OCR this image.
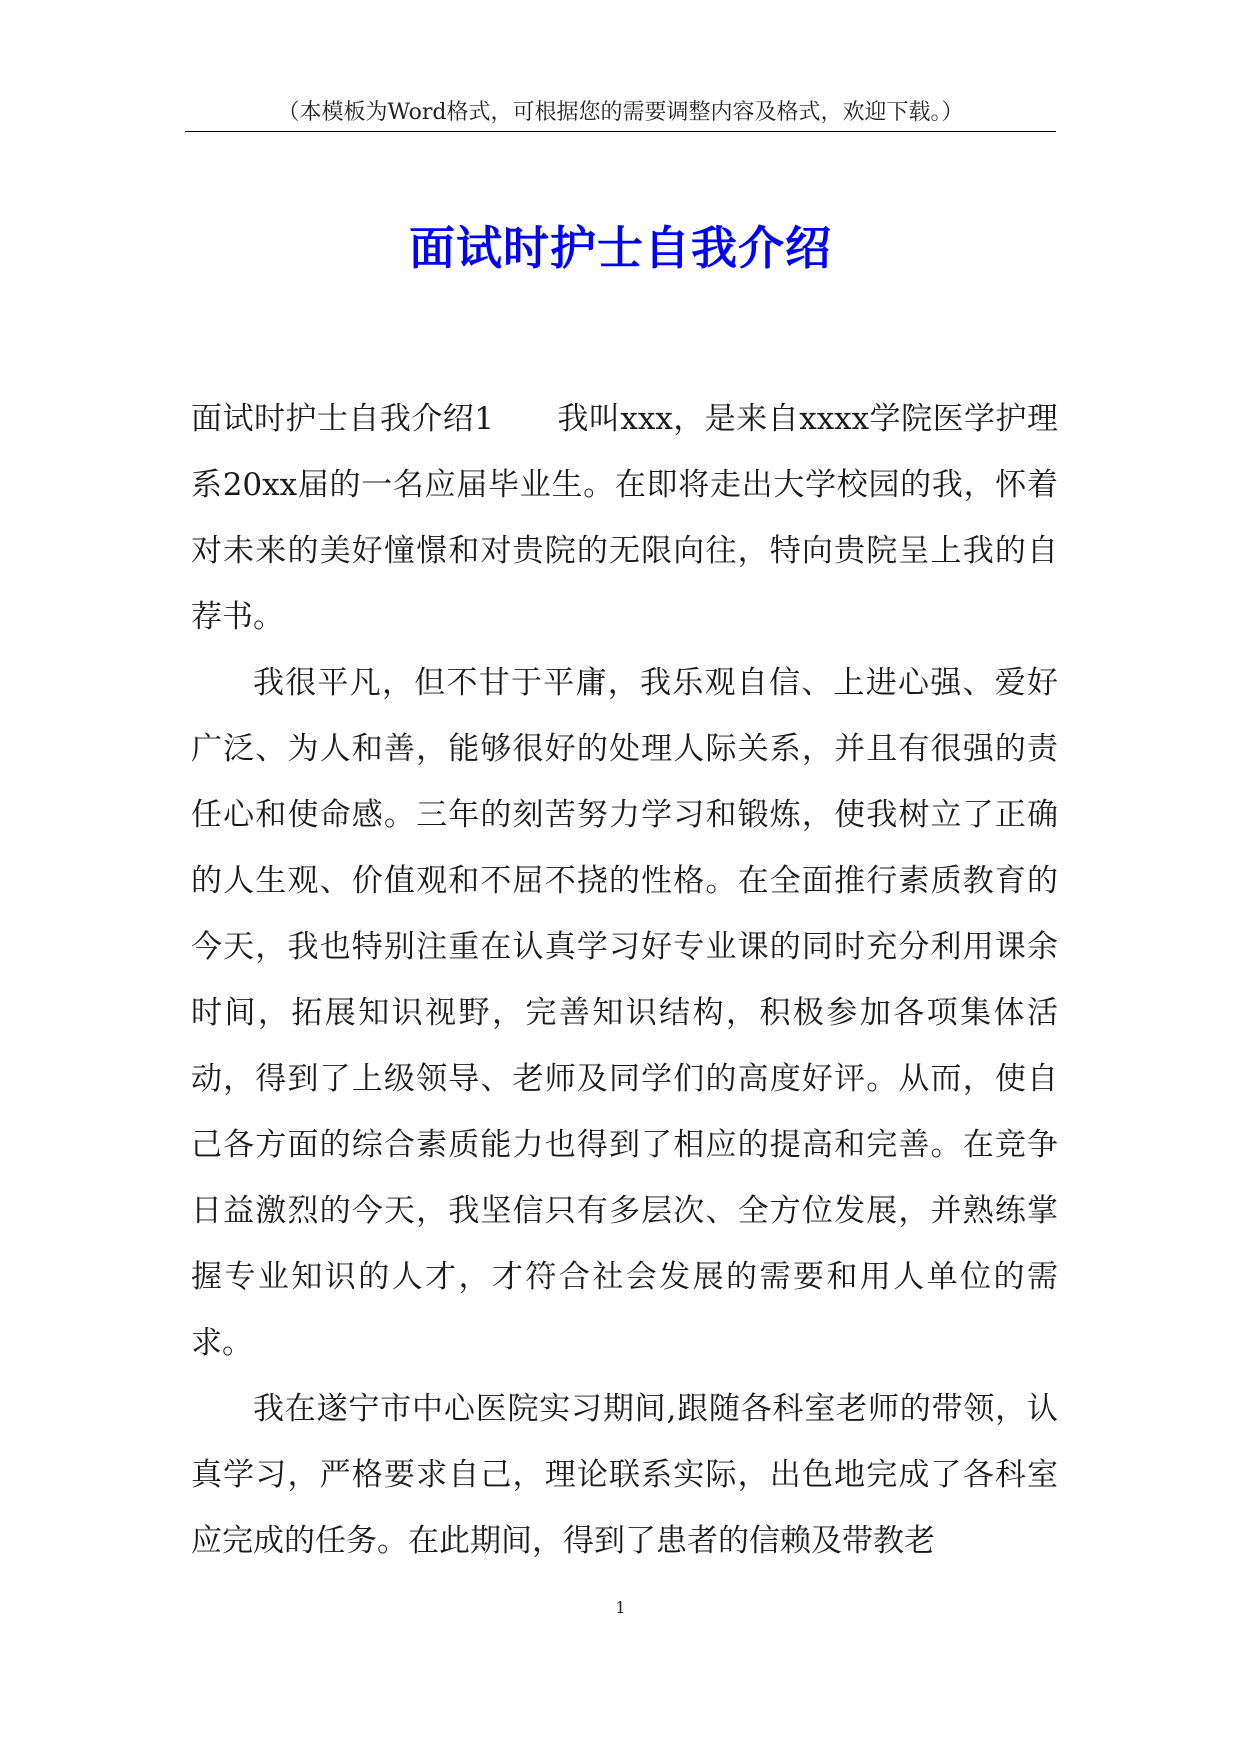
（本模板为Word格式，可根据您的需要调整内容及格式，欢迎下载。）
面试时护士自我介绍

面试时护士自我介绍1　　我叫xxx，是来自xxxx学院医学护理系20xx届的一名应届毕业生。在即将走出大学校园的我，怀着对未来的美好憧憬和对贵院的无限向往，特向贵院呈上我的自荐书。

我很平凡，但不甘于平庸，我乐观自信、上进心强、爱好广泛、为人和善，能够很好的处理人际关系，并且有很强的责任心和使命感。三年的刻苦努力学习和锻炼，使我树立了正确的人生观、价值观和不屈不挠的性格。在全面推行素质教育的今天，我也特别注重在认真学习好专业课的同时充分利用课余时间，拓展知识视野，完善知识结构，积极参加各项集体活动，得到了上级领导、老师及同学们的高度好评。从而，使自己各方面的综合素质能力也得到了相应的提高和完善。在竞争日益激烈的今天，我坚信只有多层次、全方位发展，并熟练掌握专业知识的人才，才符合社会发展的需要和用人单位的需求。

我在遂宁市中心医院实习期间,跟随各科室老师的带领，认真学习，严格要求自己，理论联系实际，出色地完成了各科室应完成的任务。在此期间，得到了患者的信赖及带教老

1
